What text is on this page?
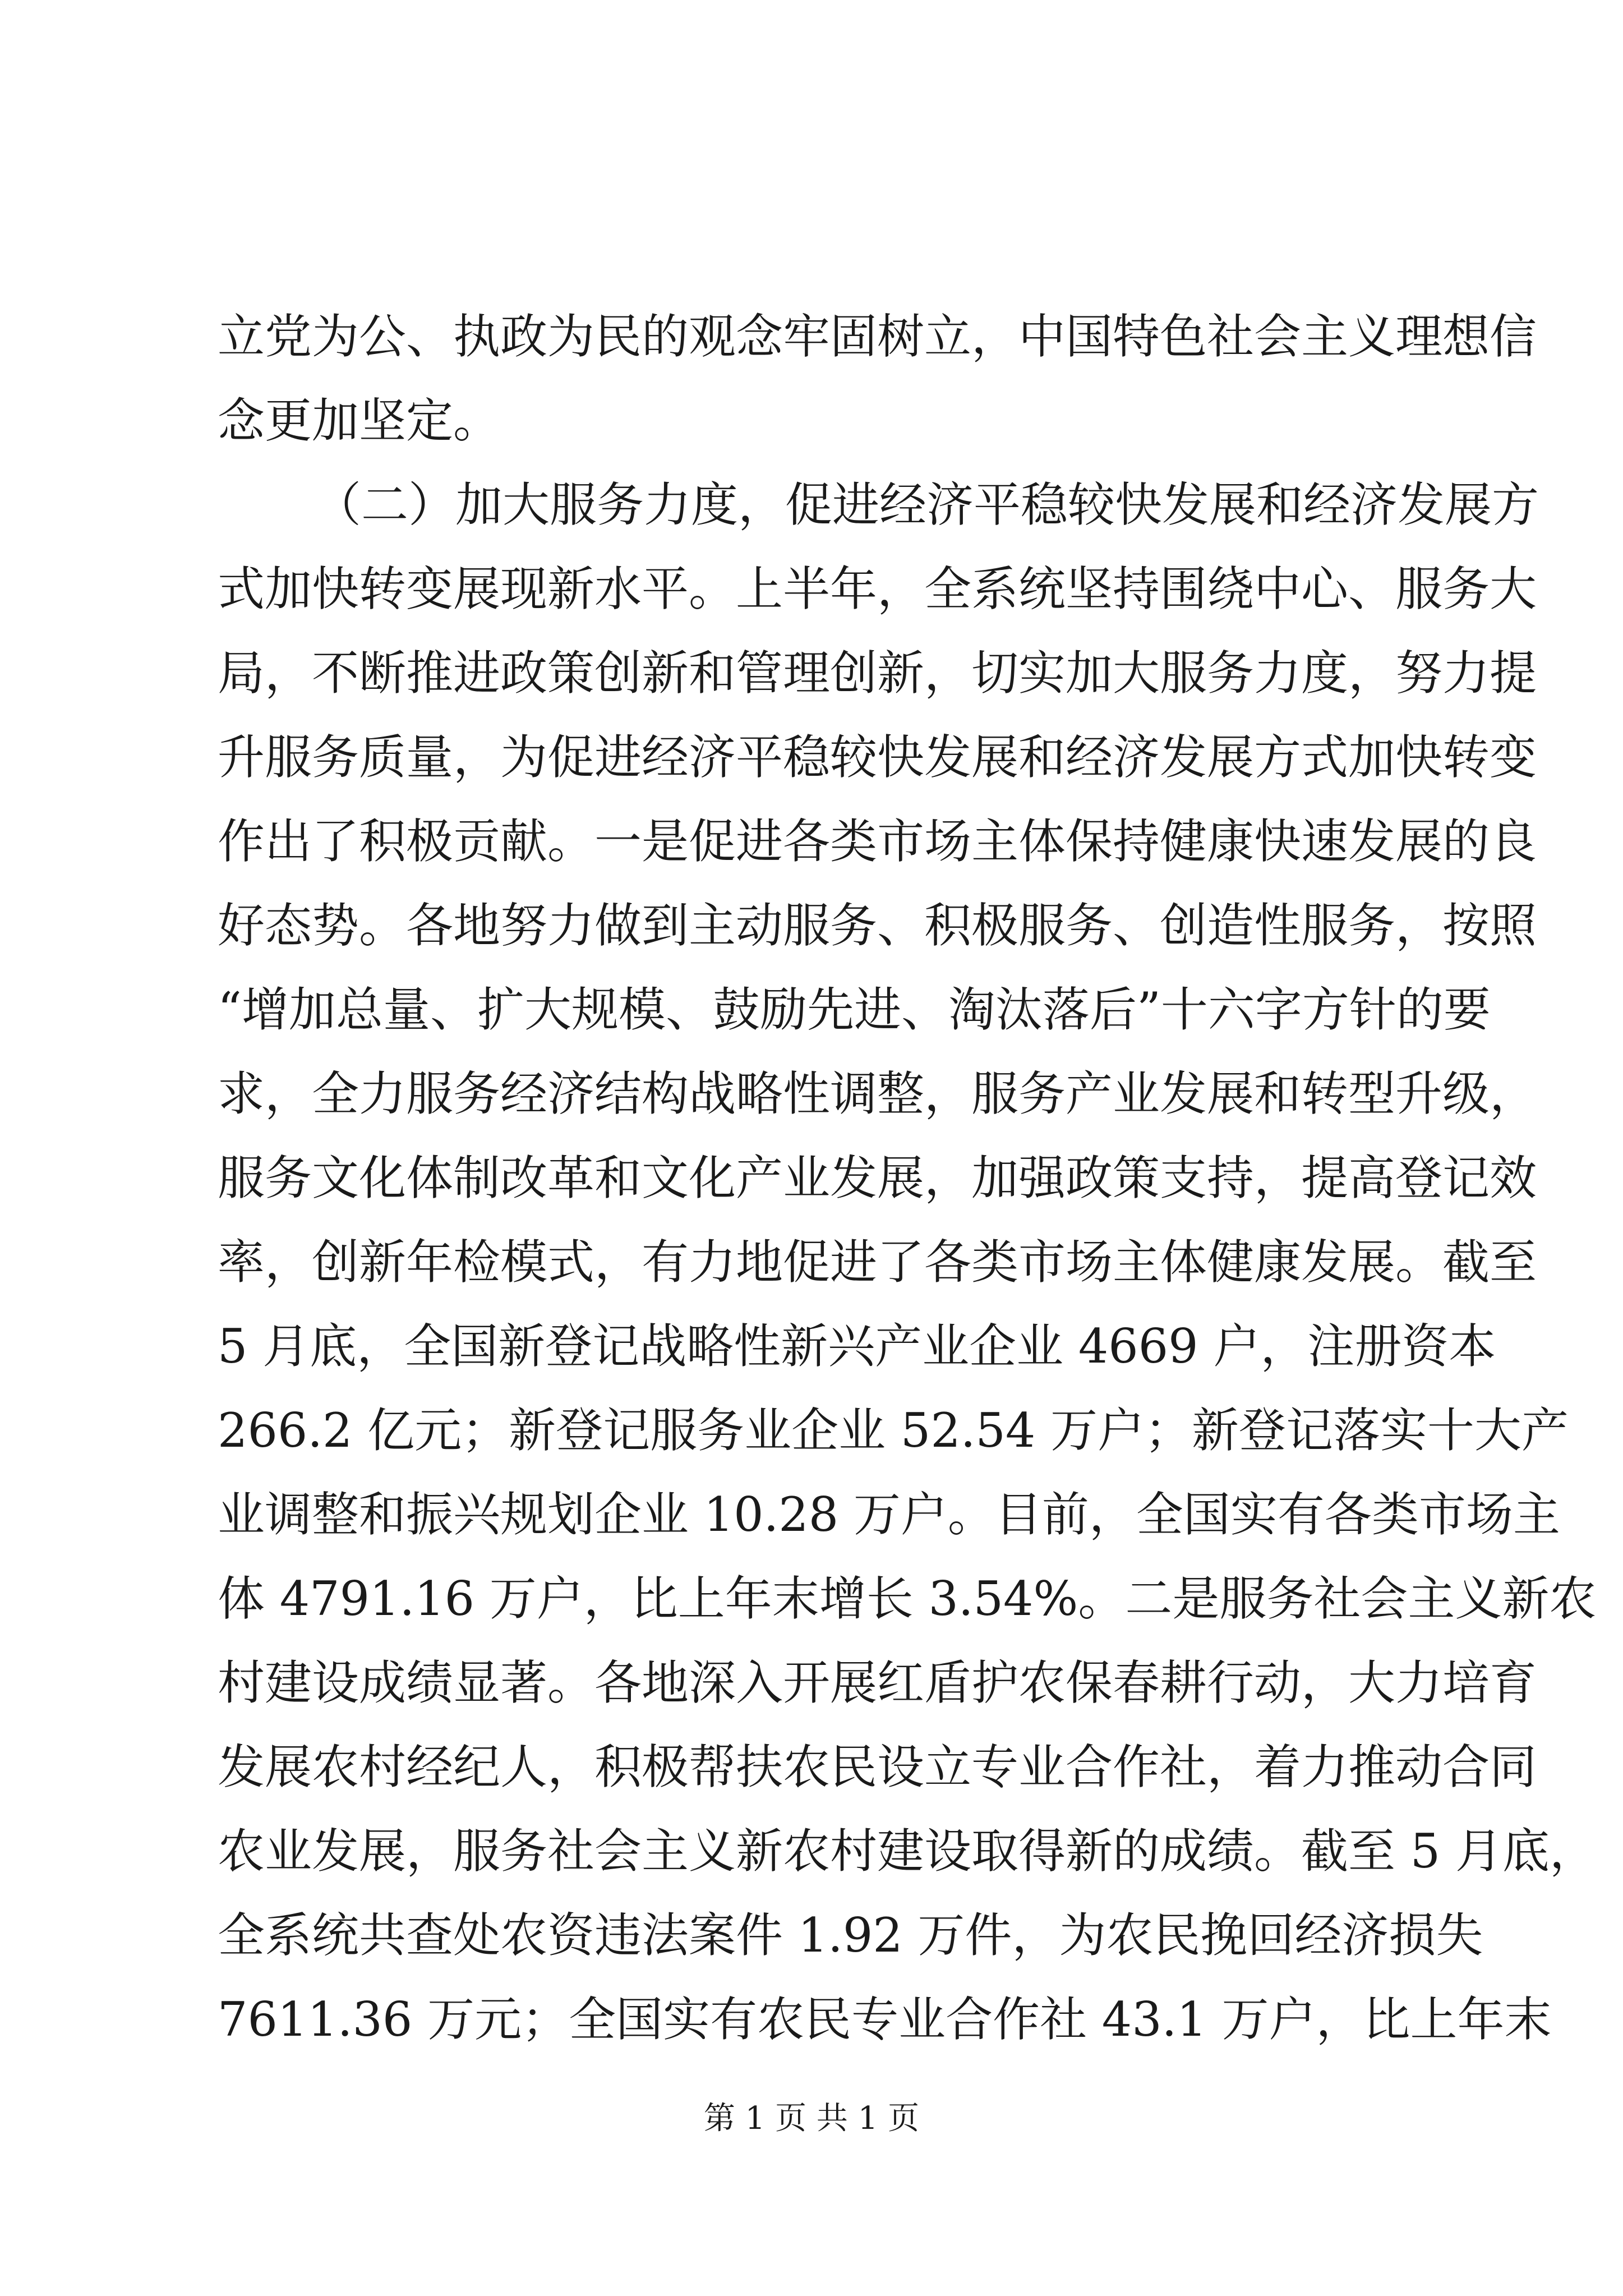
立党为公、执政为民的观念牢固树立，中国特色社会主义理想信
念更加坚定。
（二）加大服务力度，促进经济平稳较快发展和经济发展方
式加快转变展现新水平。上半年，全系统坚持围绕中心、服务大
局，不断推进政策创新和管理创新，切实加大服务力度，努力提
升服务质量，为促进经济平稳较快发展和经济发展方式加快转变
作出了积极贡献。一是促进各类市场主体保持健康快速发展的良
好态势。各地努力做到主动服务、积极服务、创造性服务，按照
“增加总量、扩大规模、鼓励先进、淘汰落后”十六字方针的要
求，全力服务经济结构战略性调整，服务产业发展和转型升级，
服务文化体制改革和文化产业发展，加强政策支持，提高登记效
率，创新年检模式，有力地促进了各类市场主体健康发展。截至
5 月底，全国新登记战略性新兴产业企业 4669 户，注册资本
266.2 亿元；新登记服务业企业 52.54 万户；新登记落实十大产
业调整和振兴规划企业 10.28 万户。目前，全国实有各类市场主
体 4791.16 万户，比上年末增长 3.54%。二是服务社会主义新农
村建设成绩显著。各地深入开展红盾护农保春耕行动，大力培育
发展农村经纪人，积极帮扶农民设立专业合作社，着力推动合同
农业发展，服务社会主义新农村建设取得新的成绩。截至 5 月底，
全系统共查处农资违法案件 1.92 万件，为农民挽回经济损失
7611.36 万元；全国实有农民专业合作社 43.1 万户，比上年末
第 1 页 共 1 页
